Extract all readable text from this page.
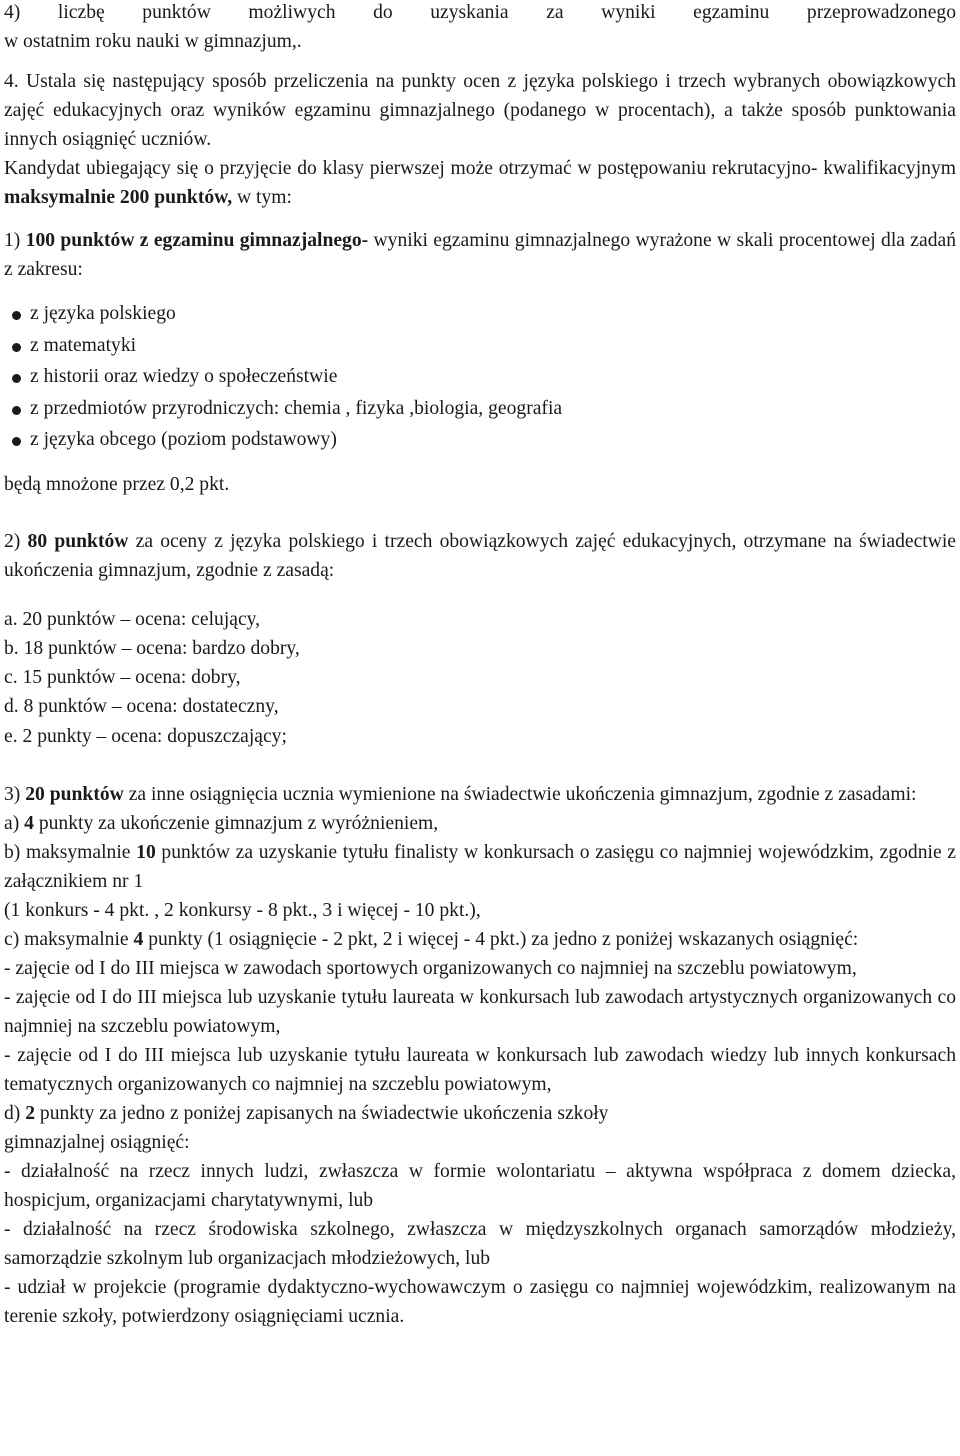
4) liczbę punktów możliwych do uzyskania za wyniki egzaminu przeprowadzonego

w ostatnim roku nauki w gimnazjum,.

4. Ustala się następujący sposób przeliczenia na punkty ocen z języka polskiego i trzech wybranych obowiązkowych zajęć edukacyjnych oraz wyników egzaminu gimnazjalnego (podanego w procentach), a także sposób punktowania innych osiągnięć uczniów.

Kandydat ubiegający się o przyjęcie do klasy pierwszej może otrzymać w postępowaniu rekrutacyjno- kwalifikacyjnym maksymalnie 200 punktów, w tym:

1) 100 punktów z egzaminu gimnazjalnego- wyniki egzaminu gimnazjalnego wyrażone w skali procentowej dla zadań z zakresu:

z języka polskiego
z matematyki
z historii oraz wiedzy o społeczeństwie
z przedmiotów przyrodniczych: chemia , fizyka ,biologia, geografia
z języka obcego (poziom podstawowy)

będą mnożone przez 0,2 pkt.

2) 80 punktów za oceny z języka polskiego i trzech obowiązkowych zajęć edukacyjnych, otrzymane na świadectwie ukończenia gimnazjum, zgodnie z zasadą:

a. 20 punktów – ocena: celujący,

b. 18 punktów – ocena: bardzo dobry,

c. 15 punktów – ocena: dobry,

d. 8 punktów – ocena: dostateczny,

e. 2 punkty – ocena: dopuszczający;

3) 20 punktów za inne osiągnięcia ucznia wymienione na świadectwie ukończenia gimnazjum, zgodnie z zasadami:

a) 4 punkty za ukończenie gimnazjum z wyróżnieniem,

b) maksymalnie 10 punktów za uzyskanie tytułu finalisty w konkursach o zasięgu co najmniej wojewódzkim, zgodnie z załącznikiem nr 1

(1 konkurs - 4 pkt. , 2 konkursy - 8 pkt., 3 i więcej - 10 pkt.),

c) maksymalnie 4 punkty (1 osiągnięcie - 2 pkt, 2 i więcej - 4 pkt.) za jedno z poniżej wskazanych osiągnięć:

- zajęcie od I do III miejsca w zawodach sportowych organizowanych co najmniej na szczeblu powiatowym,

- zajęcie od I do III miejsca lub uzyskanie tytułu laureata w konkursach lub zawodach artystycznych organizowanych co najmniej na szczeblu powiatowym,

- zajęcie od I do III miejsca lub uzyskanie tytułu laureata w konkursach lub zawodach wiedzy lub innych konkursach tematycznych organizowanych co najmniej na szczeblu powiatowym,

d) 2 punkty za jedno z poniżej zapisanych na świadectwie ukończenia szkoły

gimnazjalnej osiągnięć:

- działalność na rzecz innych ludzi, zwłaszcza w formie wolontariatu – aktywna współpraca z domem dziecka, hospicjum, organizacjami charytatywnymi, lub

- działalność na rzecz środowiska szkolnego, zwłaszcza w międzyszkolnych organach samorządów młodzieży, samorządzie szkolnym lub organizacjach młodzieżowych, lub

- udział w projekcie (programie dydaktyczno-wychowawczym o zasięgu co najmniej wojewódzkim, realizowanym na terenie szkoły, potwierdzony osiągnięciami ucznia.
